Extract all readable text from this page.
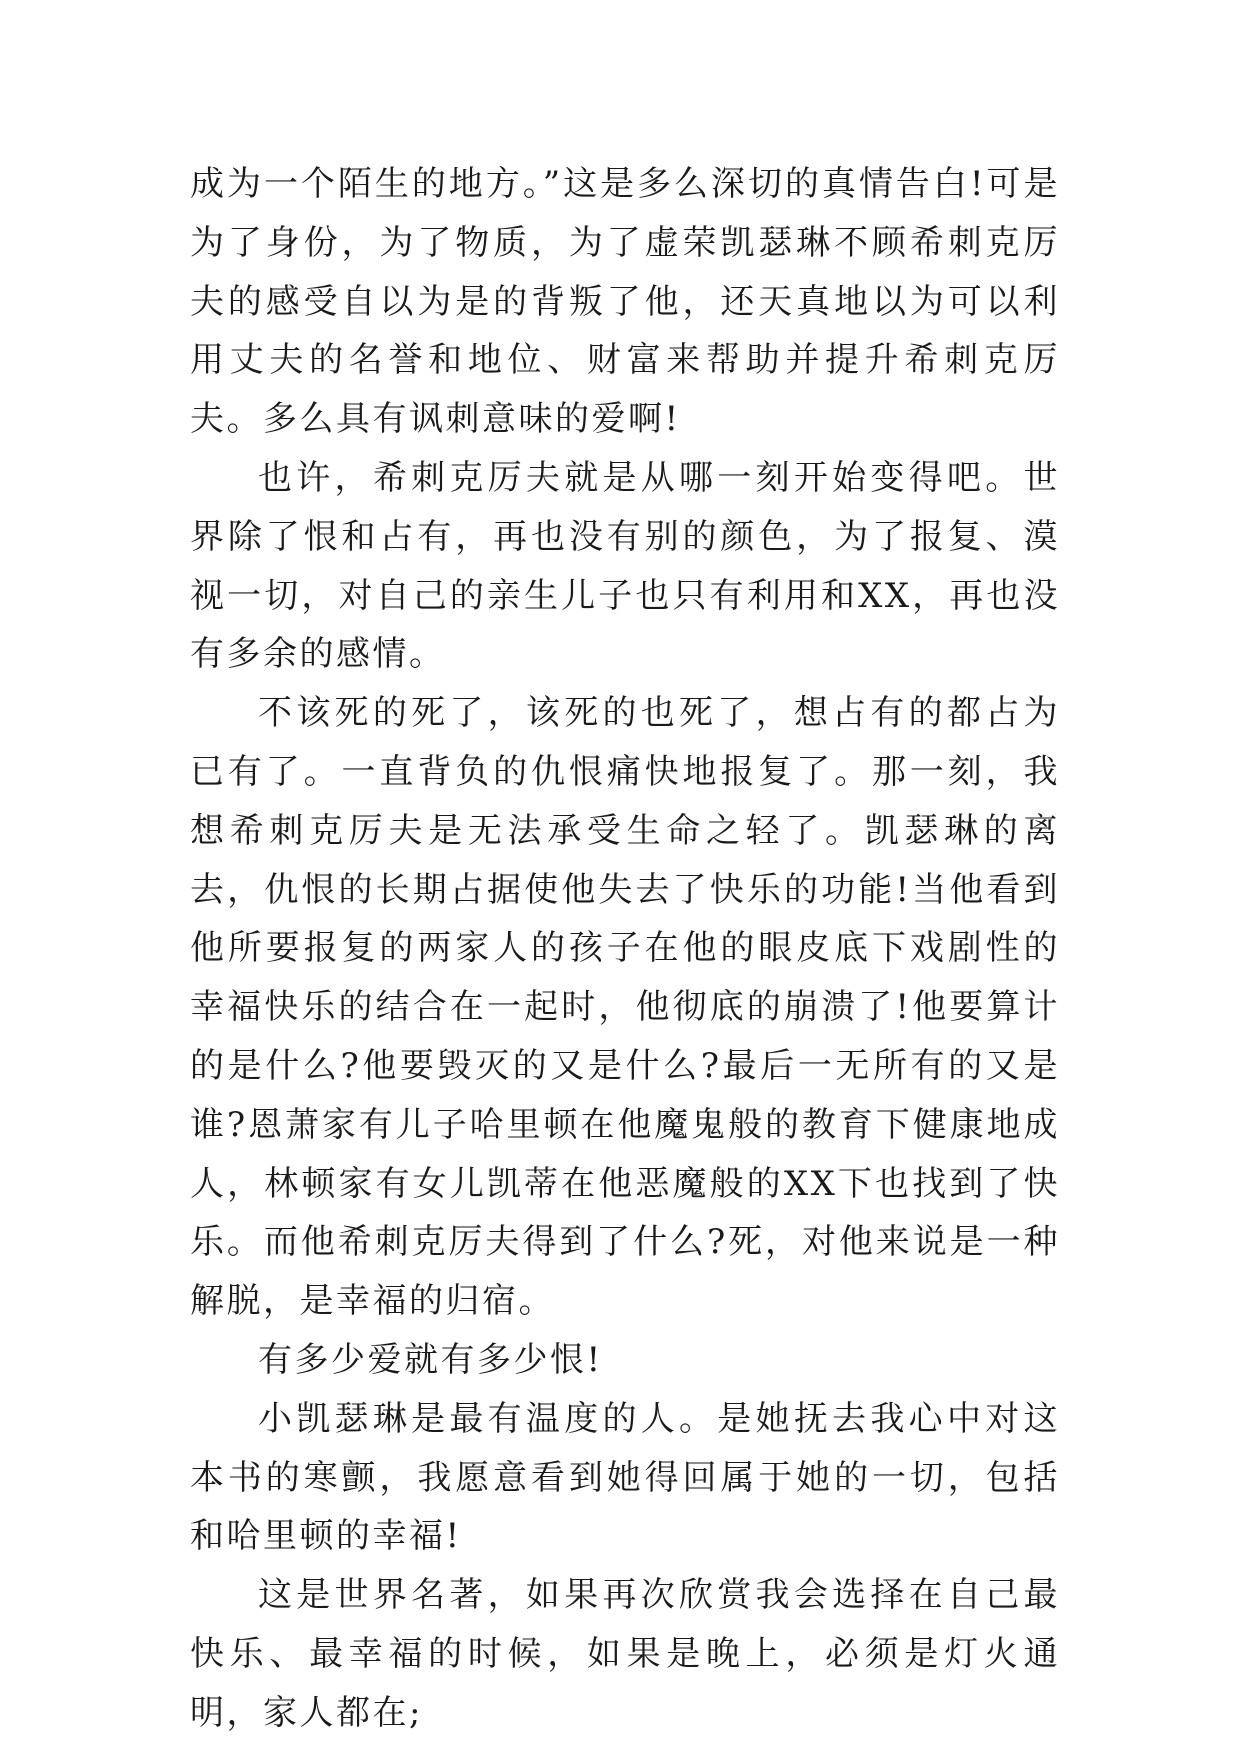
成为一个陌生的地方。”这是多么深切的真情告白!可是为了身份，为了物质，为了虚荣凯瑟琳不顾希刺克厉夫的感受自以为是的背叛了他，还天真地以为可以利用丈夫的名誉和地位、财富来帮助并提升希刺克厉夫。多么具有讽刺意味的爱啊!

也许，希刺克厉夫就是从哪一刻开始变得吧。世界除了恨和占有，再也没有别的颜色，为了报复、漠视一切，对自己的亲生儿子也只有利用和XX，再也没有多余的感情。

不该死的死了，该死的也死了，想占有的都占为已有了。一直背负的仇恨痛快地报复了。那一刻，我想希刺克厉夫是无法承受生命之轻了。凯瑟琳的离去，仇恨的长期占据使他失去了快乐的功能!当他看到他所要报复的两家人的孩子在他的眼皮底下戏剧性的幸福快乐的结合在一起时，他彻底的崩溃了!他要算计的是什么?他要毁灭的又是什么?最后一无所有的又是谁?恩萧家有儿子哈里顿在他魔鬼般的教育下健康地成人，林顿家有女儿凯蒂在他恶魔般的XX下也找到了快乐。而他希刺克厉夫得到了什么?死，对他来说是一种解脱，是幸福的归宿。

有多少爱就有多少恨!

小凯瑟琳是最有温度的人。是她抚去我心中对这本书的寒颤，我愿意看到她得回属于她的一切，包括和哈里顿的幸福!

这是世界名著，如果再次欣赏我会选择在自己最快乐、最幸福的时候，如果是晚上，必须是灯火通明，家人都在;
